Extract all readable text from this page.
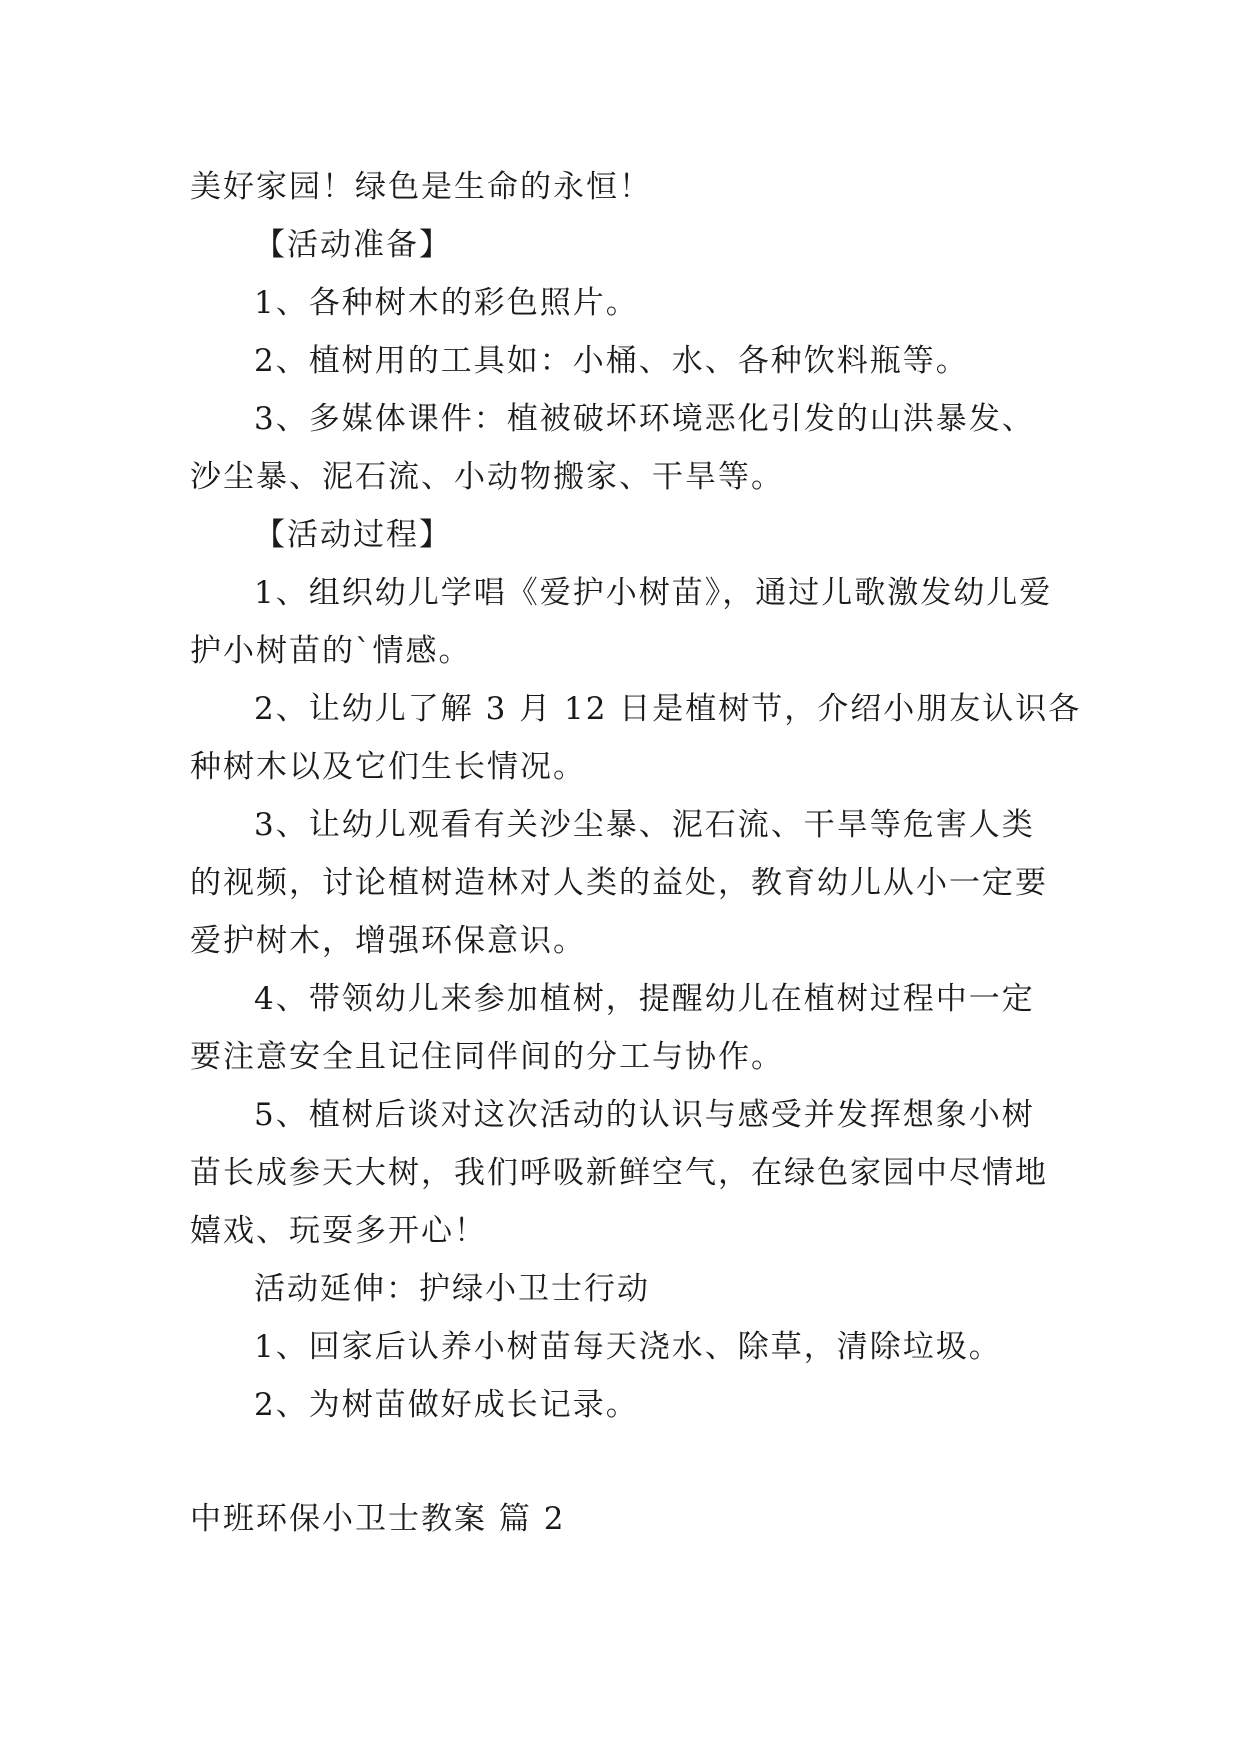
美好家园！绿色是生命的永恒！

【活动准备】

1、各种树木的彩色照片。

2、植树用的工具如：小桶、水、各种饮料瓶等。

3、多媒体课件：植被破坏环境恶化引发的山洪暴发、
沙尘暴、泥石流、小动物搬家、干旱等。

【活动过程】

1、组织幼儿学唱《爱护小树苗》，通过儿歌激发幼儿爱
护小树苗的`情感。

2、让幼儿了解 3 月 12 日是植树节，介绍小朋友认识各
种树木以及它们生长情况。

3、让幼儿观看有关沙尘暴、泥石流、干旱等危害人类
的视频，讨论植树造林对人类的益处，教育幼儿从小一定要
爱护树木，增强环保意识。

4、带领幼儿来参加植树，提醒幼儿在植树过程中一定
要注意安全且记住同伴间的分工与协作。

5、植树后谈对这次活动的认识与感受并发挥想象小树
苗长成参天大树，我们呼吸新鲜空气，在绿色家园中尽情地
嬉戏、玩耍多开心！

活动延伸：护绿小卫士行动

1、回家后认养小树苗每天浇水、除草，清除垃圾。

2、为树苗做好成长记录。

中班环保小卫士教案 篇 2
